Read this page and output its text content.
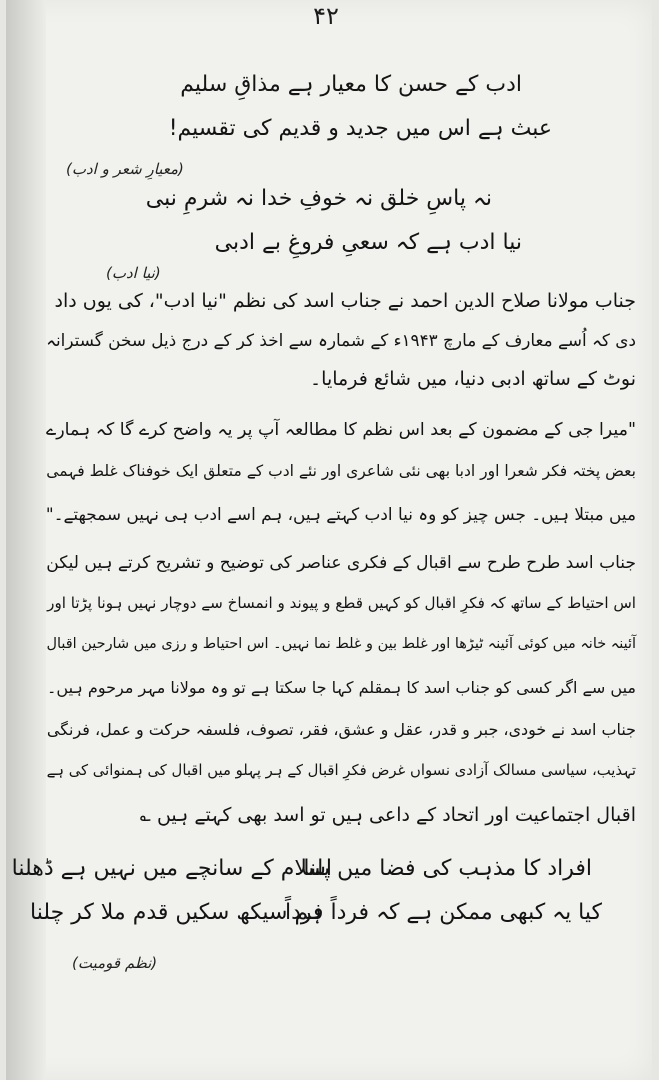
۴۲
ادب کے حسن کا معیار ہے مذاقِ سلیم
عبث ہے اس میں جدید و قدیم کی تقسیم!
(معیارِ شعر و ادب)
نہ پاسِ خلق نہ خوفِ خدا نہ شرمِ نبی
نیا ادب ہے کہ سعیِ فروغِ بے ادبی
(نیا ادب)
جناب مولانا صلاح الدین احمد نے جناب اسد کی نظم "نیا ادب"، کی یوں داد
دی کہ اُسے معارف کے مارچ ۱۹۴۳ء کے شمارہ سے اخذ کر کے درج ذیل سخن گسترانہ
نوٹ کے ساتھ ادبی دنیا، میں شائع فرمایا۔
"میرا جی کے مضمون کے بعد اس نظم کا مطالعہ آپ پر یہ واضح کرے گا کہ ہمارے
بعض پختہ فکر شعرا اور ادبا بھی نئی شاعری اور نئے ادب کے متعلق ایک خوفناک غلط فہمی
میں مبتلا ہیں۔ جس چیز کو وہ نیا ادب کہتے ہیں، ہم اسے ادب ہی نہیں سمجھتے۔"
جناب اسد طرح طرح سے اقبال کے فکری عناصر کی توضیح و تشریح کرتے ہیں لیکن
اس احتیاط کے ساتھ کہ فکرِ اقبال کو کہیں قطع و پیوند و انمساخ سے دوچار نہیں ہونا پڑتا اور
آئینہ خانہ میں کوئی آئینہ ٹیڑھا اور غلط بین و غلط نما نہیں۔ اس احتیاط و رزی میں شارحین اقبال
میں سے اگر کسی کو جناب اسد کا ہمقلم کہا جا سکتا ہے تو وہ مولانا مہر مرحوم ہیں۔
جناب اسد نے خودی، جبر و قدر، عقل و عشق، فقر، تصوف، فلسفہ حرکت و عمل، فرنگی
تہذیب، سیاسی مسالک آزادی نسواں غرض فکرِ اقبال کے ہر پہلو میں اقبال کی ہمنوائی کی ہے
اقبال اجتماعیت اور اتحاد کے داعی ہیں تو اسد بھی کہتے ہیں ؎
افراد کا مذہب کی فضا میں پلنا
اسلام کے سانچے میں نہیں ہے ڈھلنا
کیا یہ کبھی ممکن ہے کہ فرداً فرداً
ہم سیکھ سکیں قدم ملا کر چلنا
(نظم قومیت)
